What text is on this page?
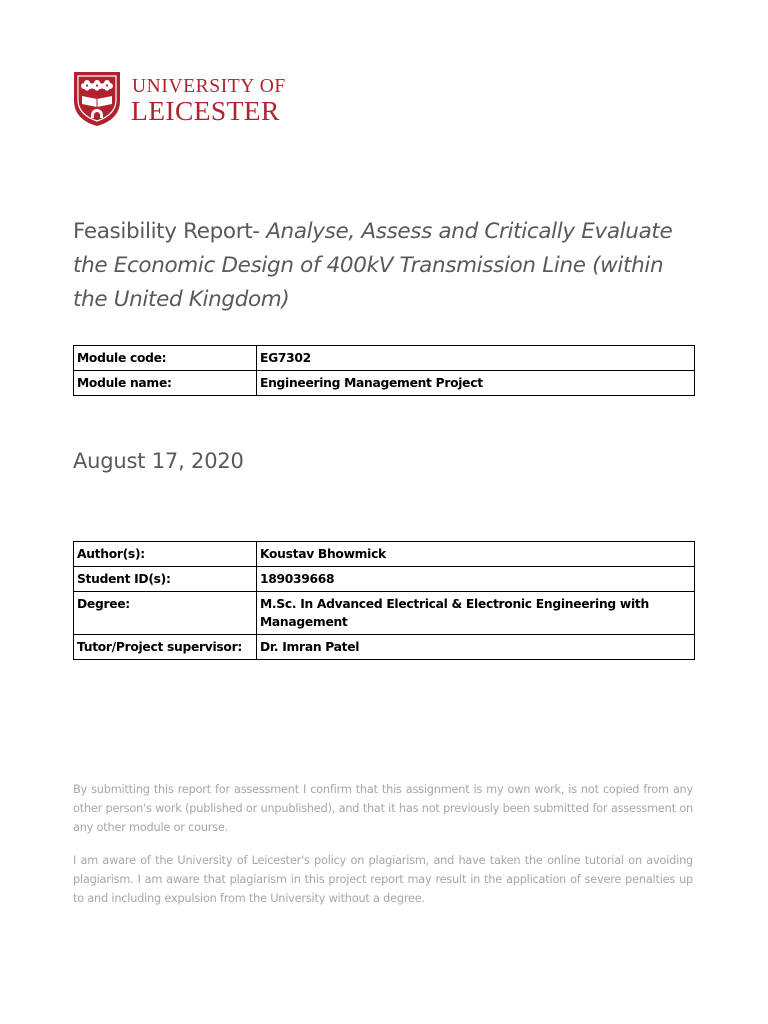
UNIVERSITY OF
LEICESTER
Feasibility Report- Analyse, Assess and Critically Evaluate the Economic Design of 400kV Transmission Line (within the United Kingdom)
Module code:	EG7302
Module name:	Engineering Management Project
August 17, 2020
Author(s):	Koustav Bhowmick
Student ID(s):	189039668
Degree:	M.Sc. In Advanced Electrical & Electronic Engineering with Management
Tutor/Project supervisor:	Dr. Imran Patel

By submitting this report for assessment I confirm that this assignment is my own work, is not copied from any other person's work (published or unpublished), and that it has not previously been submitted for assessment on any other module or course.

I am aware of the University of Leicester's policy on plagiarism, and have taken the online tutorial on avoiding plagiarism. I am aware that plagiarism in this project report may result in the application of severe penalties up to and including expulsion from the University without a degree.
